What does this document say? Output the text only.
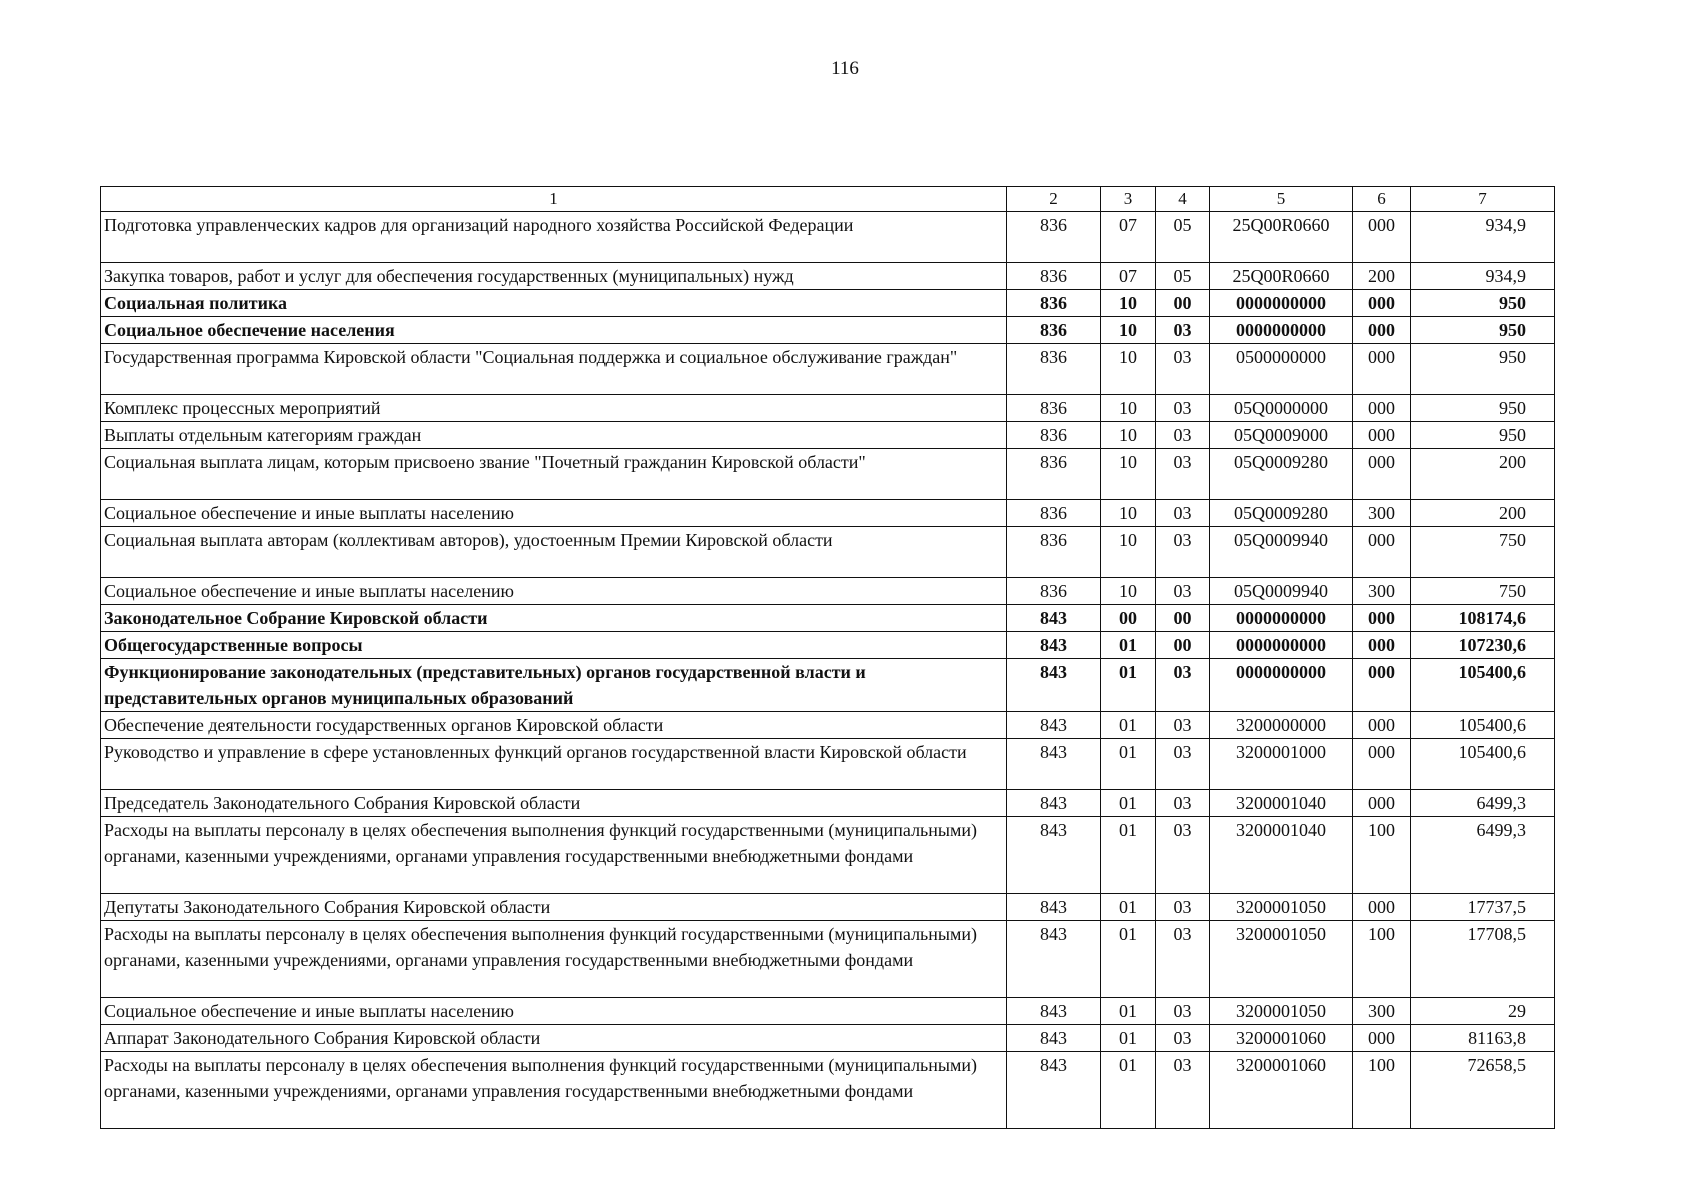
116
1	2	3	4	5	6	7
Подготовка управленческих кадров для организаций народного хозяйства Российской Федерации	836	07	05	25Q00R0660	000	934,9
Закупка товаров, работ и услуг для обеспечения государственных (муниципальных) нужд	836	07	05	25Q00R0660	200	934,9
Социальная политика	836	10	00	0000000000	000	950
Социальное обеспечение населения	836	10	03	0000000000	000	950
Государственная программа Кировской области "Социальная поддержка и социальное обслуживание граждан"	836	10	03	0500000000	000	950
Комплекс процессных мероприятий	836	10	03	05Q0000000	000	950
Выплаты отдельным категориям граждан	836	10	03	05Q0009000	000	950
Социальная выплата лицам, которым присвоено звание "Почетный гражданин Кировской области"	836	10	03	05Q0009280	000	200
Социальное обеспечение и иные выплаты населению	836	10	03	05Q0009280	300	200
Социальная выплата авторам (коллективам авторов), удостоенным Премии Кировской области	836	10	03	05Q0009940	000	750
Социальное обеспечение и иные выплаты населению	836	10	03	05Q0009940	300	750
Законодательное Собрание Кировской области	843	00	00	0000000000	000	108174,6
Общегосударственные вопросы	843	01	00	0000000000	000	107230,6
Функционирование законодательных (представительных) органов государственной власти и представительных органов муниципальных образований	843	01	03	0000000000	000	105400,6
Обеспечение деятельности государственных органов Кировской области	843	01	03	3200000000	000	105400,6
Руководство и управление в сфере установленных функций органов государственной власти Кировской области	843	01	03	3200001000	000	105400,6
Председатель Законодательного Собрания Кировской области	843	01	03	3200001040	000	6499,3
Расходы на выплаты персоналу в целях обеспечения выполнения функций государственными (муниципальными) органами, казенными учреждениями, органами управления государственными внебюджетными фондами	843	01	03	3200001040	100	6499,3
Депутаты Законодательного Собрания Кировской области	843	01	03	3200001050	000	17737,5
Расходы на выплаты персоналу в целях обеспечения выполнения функций государственными (муниципальными) органами, казенными учреждениями, органами управления государственными внебюджетными фондами	843	01	03	3200001050	100	17708,5
Социальное обеспечение и иные выплаты населению	843	01	03	3200001050	300	29
Аппарат Законодательного Собрания Кировской области	843	01	03	3200001060	000	81163,8
Расходы на выплаты персоналу в целях обеспечения выполнения функций государственными (муниципальными) органами, казенными учреждениями, органами управления государственными внебюджетными фондами	843	01	03	3200001060	100	72658,5
